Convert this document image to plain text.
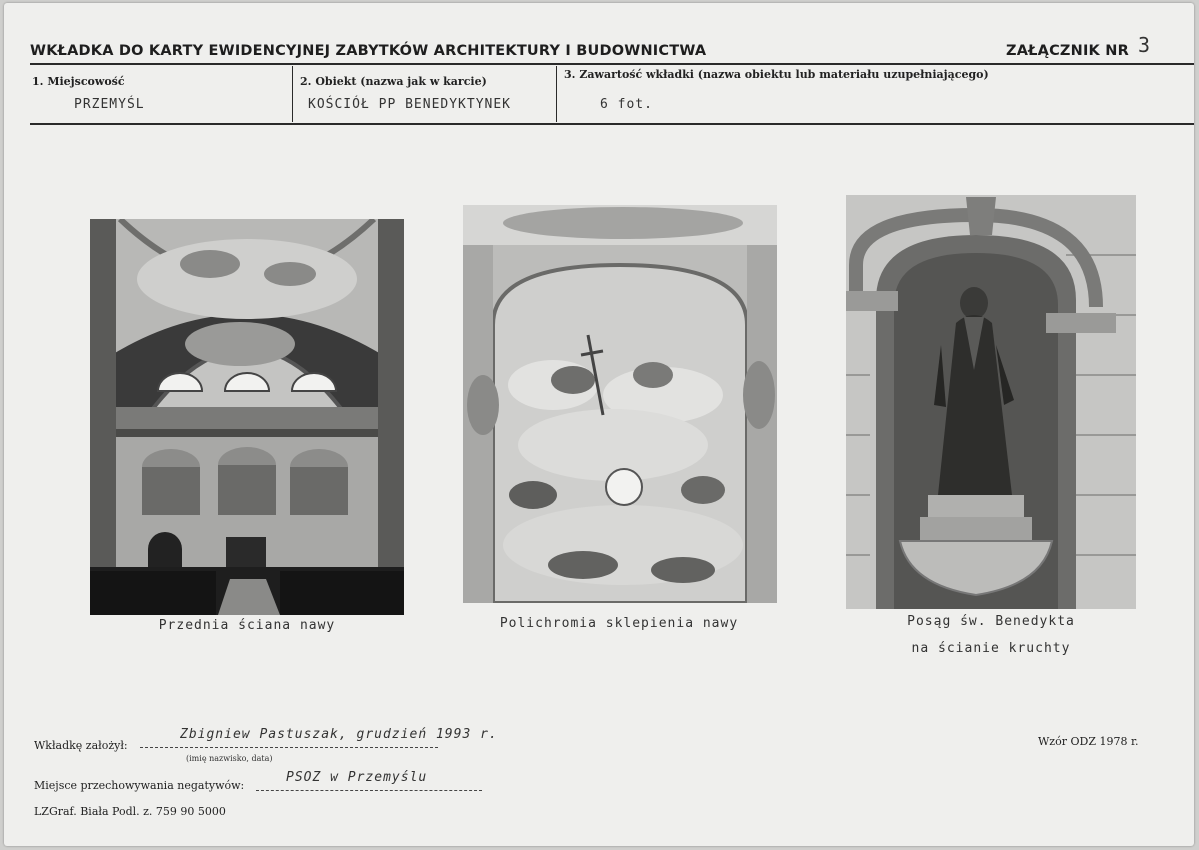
WKŁADKA DO KARTY EWIDENCYJNEJ ZABYTKÓW ARCHITEKTURY I BUDOWNICTWA	ZAŁĄCZNIK NR 3
1. Miejscowość
PRZEMYŚL
2. Obiekt (nazwa jak w karcie)
KOŚCIÓŁ PP BENEDYKTYNEK
3. Zawartość wkładki (nazwa obiektu lub materiału uzupełniającego)
6 fot.
Przednia ściana nawy	Polichromia sklepienia nawy	Posąg św. Benedykta
na ścianie kruchty
Wkładkę założył:
Zbigniew Pastuszak, grudzień 1993 r.
(imię nazwisko, data)
Wzór ODZ 1978 r.
Miejsce przechowywania negatywów:
PSOZ w Przemyślu
LZGraf. Biała Podl. z. 759 90 5000
